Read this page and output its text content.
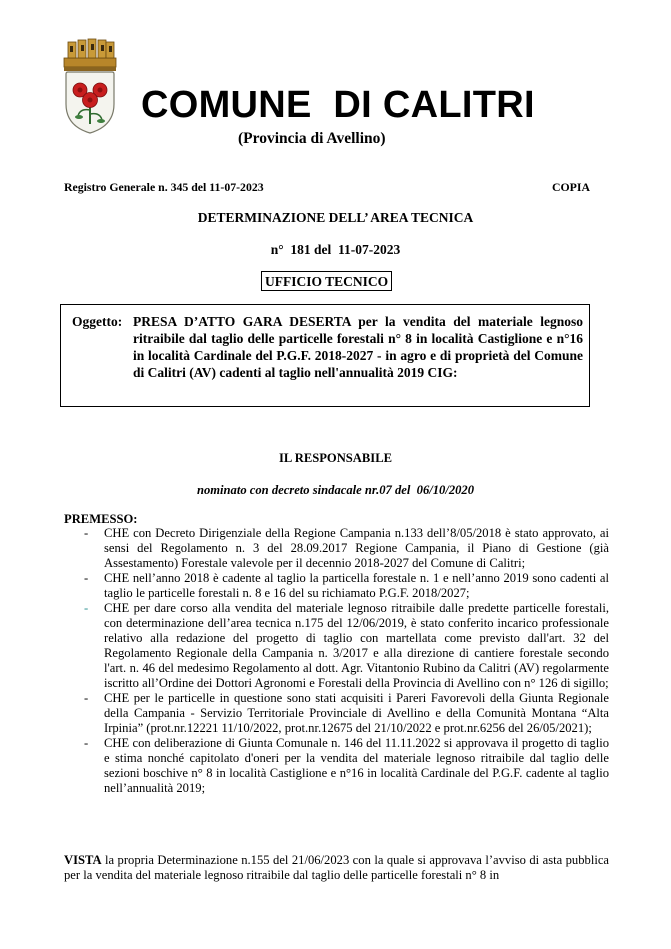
COMUNE  DI CALITRI
(Provincia di Avellino)
Registro Generale n. 345 del 11-07-2023	COPIA
DETERMINAZIONE DELL’ AREA TECNICA
n°  181 del  11-07-2023
UFFICIO TECNICO
Oggetto: PRESA D’ATTO GARA DESERTA per la vendita del materiale legnoso ritraibile dal taglio delle particelle forestali n° 8 in località Castiglione e n°16 in località Cardinale del P.G.F. 2018-2027 - in agro e di proprietà del Comune di Calitri (AV) cadenti al taglio nell'annualità 2019 CIG:
IL RESPONSABILE
nominato con decreto sindacale nr.07 del  06/10/2020
PREMESSO:
- CHE con Decreto Dirigenziale della Regione Campania n.133 dell’8/05/2018 è stato approvato, ai sensi del Regolamento n. 3 del 28.09.2017 Regione Campania, il Piano di Gestione (già Assestamento) Forestale valevole per il decennio 2018-2027 del Comune di Calitri;
- CHE nell’anno 2018 è cadente al taglio la particella forestale n. 1 e nell’anno 2019 sono cadenti al taglio le particelle forestali n. 8 e 16 del su richiamato P.G.F. 2018/2027;
- CHE per dare corso alla vendita del materiale legnoso ritraibile dalle predette particelle forestali, con determinazione dell’area tecnica n.175 del 12/06/2019, è stato conferito incarico professionale relativo alla redazione del progetto di taglio con martellata come previsto dall'art. 32 del Regolamento Regionale della Campania n. 3/2017 e alla direzione di cantiere forestale secondo l'art. n. 46 del medesimo Regolamento al dott. Agr. Vitantonio Rubino da Calitri (AV) regolarmente iscritto all’Ordine dei Dottori Agronomi e Forestali della Provincia di Avellino con n° 126 di sigillo;
- CHE per le particelle in questione sono stati acquisiti i Pareri Favorevoli della Giunta Regionale della Campania - Servizio Territoriale Provinciale di Avellino e della Comunità Montana “Alta Irpinia” (prot.nr.12221 11/10/2022, prot.nr.12675 del 21/10/2022 e prot.nr.6256 del 26/05/2021);
- CHE con deliberazione di Giunta Comunale n. 146 del 11.11.2022 si approvava il progetto di taglio e stima nonché capitolato d'oneri per la vendita del materiale legnoso ritraibile dal taglio delle sezioni boschive n° 8 in località Castiglione e n°16 in località Cardinale del P.G.F. cadente al taglio nell’annualità 2019;

VISTA la propria Determinazione n.155 del 21/06/2023 con la quale si approvava l’avviso di asta pubblica per la vendita del materiale legnoso ritraibile dal taglio delle particelle forestali n° 8 in
